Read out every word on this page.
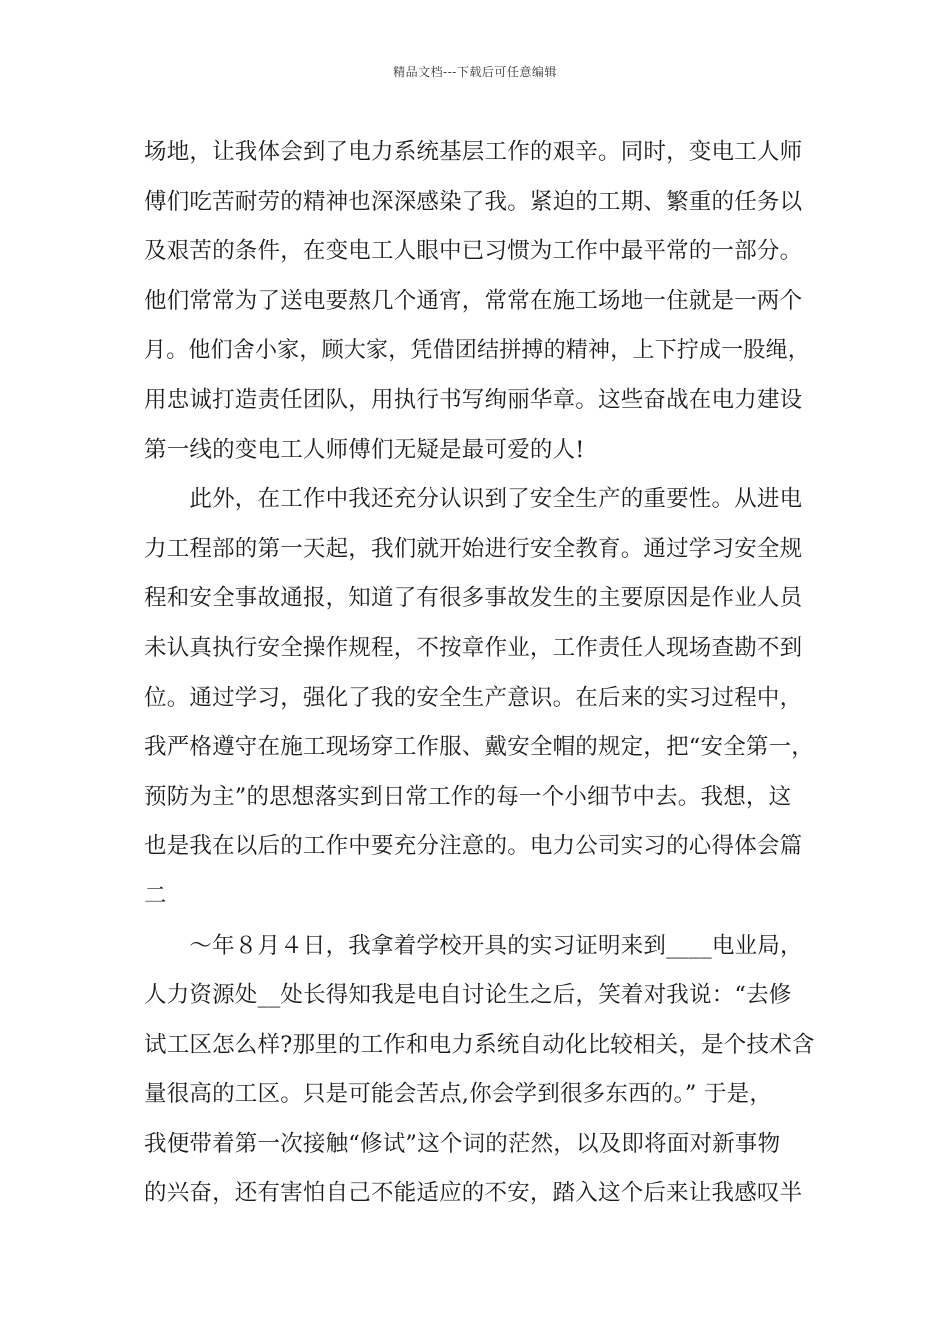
精品文档---下载后可任意编辑
场地，让我体会到了电力系统基层工作的艰辛。同时，变电工人师
傅们吃苦耐劳的精神也深深感染了我。紧迫的工期、繁重的任务以
及艰苦的条件，在变电工人眼中已习惯为工作中最平常的一部分。
他们常常为了送电要熬几个通宵，常常在施工场地一住就是一两个
月。他们舍小家，顾大家，凭借团结拼搏的精神，上下拧成一股绳，
用忠诚打造责任团队，用执行书写绚丽华章。这些奋战在电力建设
第一线的变电工人师傅们无疑是最可爱的人!
　　此外，在工作中我还充分认识到了安全生产的重要性。从进电
力工程部的第一天起，我们就开始进行安全教育。通过学习安全规
程和安全事故通报，知道了有很多事故发生的主要原因是作业人员
未认真执行安全操作规程，不按章作业，工作责任人现场查勘不到
位。通过学习，强化了我的安全生产意识。在后来的实习过程中，
我严格遵守在施工现场穿工作服、戴安全帽的规定，把“安全第一，
预防为主”的思想落实到日常工作的每一个小细节中去。我想，这
也是我在以后的工作中要充分注意的。电力公司实习的心得体会篇
二
　　～年８月４日，我拿着学校开具的实习证明来到____电业局，
人力资源处__处长得知我是电自讨论生之后，笑着对我说：“去修
试工区怎么样?那里的工作和电力系统自动化比较相关，是个技术含
量很高的工区。只是可能会苦点,你会学到很多东西的。” 于是，
我便带着第一次接触“修试”这个词的茫然，以及即将面对新事物
的兴奋，还有害怕自己不能适应的不安，踏入这个后来让我感叹半
